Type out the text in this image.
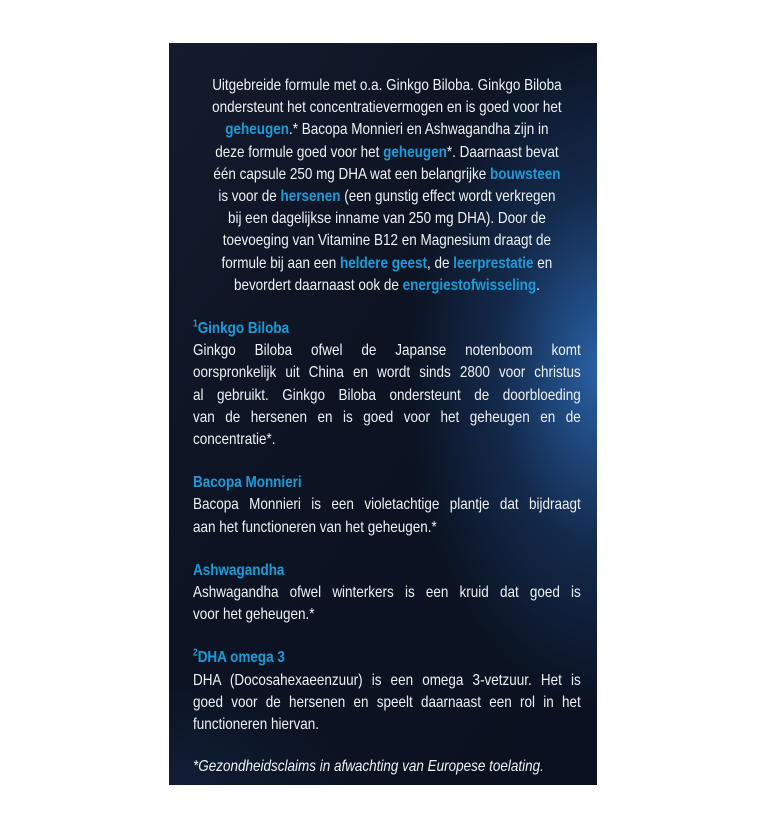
Uitgebreide formule met o.a. Ginkgo Biloba. Ginkgo Biloba
ondersteunt het concentratievermogen en is goed voor het
geheugen.* Bacopa Monnieri en Ashwagandha zijn in
deze formule goed voor het geheugen*. Daarnaast bevat
één capsule 250 mg DHA wat een belangrijke bouwsteen
is voor de hersenen (een gunstig effect wordt verkregen
bij een dagelijkse inname van 250 mg DHA). Door de
toevoeging van Vitamine B12 en Magnesium draagt de
formule bij aan een heldere geest, de leerprestatie en
bevordert daarnaast ook de energiestofwisseling.
$^1$Ginkgo Biloba
Ginkgo Biloba ofwel de Japanse notenboom komt
oorspronkelijk uit China en wordt sinds 2800 voor christus
al gebruikt. Ginkgo Biloba ondersteunt de doorbloeding
van de hersenen en is goed voor het geheugen en de
concentratie*.
Bacopa Monnieri
Bacopa Monnieri is een violetachtige plantje dat bijdraagt
aan het functioneren van het geheugen.*
Ashwagandha
Ashwagandha ofwel winterkers is een kruid dat goed is
voor het geheugen.*
$^2$DHA omega 3
DHA (Docosahexaeenzuur) is een omega 3-vetzuur. Het is
goed voor de hersenen en speelt daarnaast een rol in het
functioneren hiervan.

*Gezondheidsclaims in afwachting van Europese toelating.
